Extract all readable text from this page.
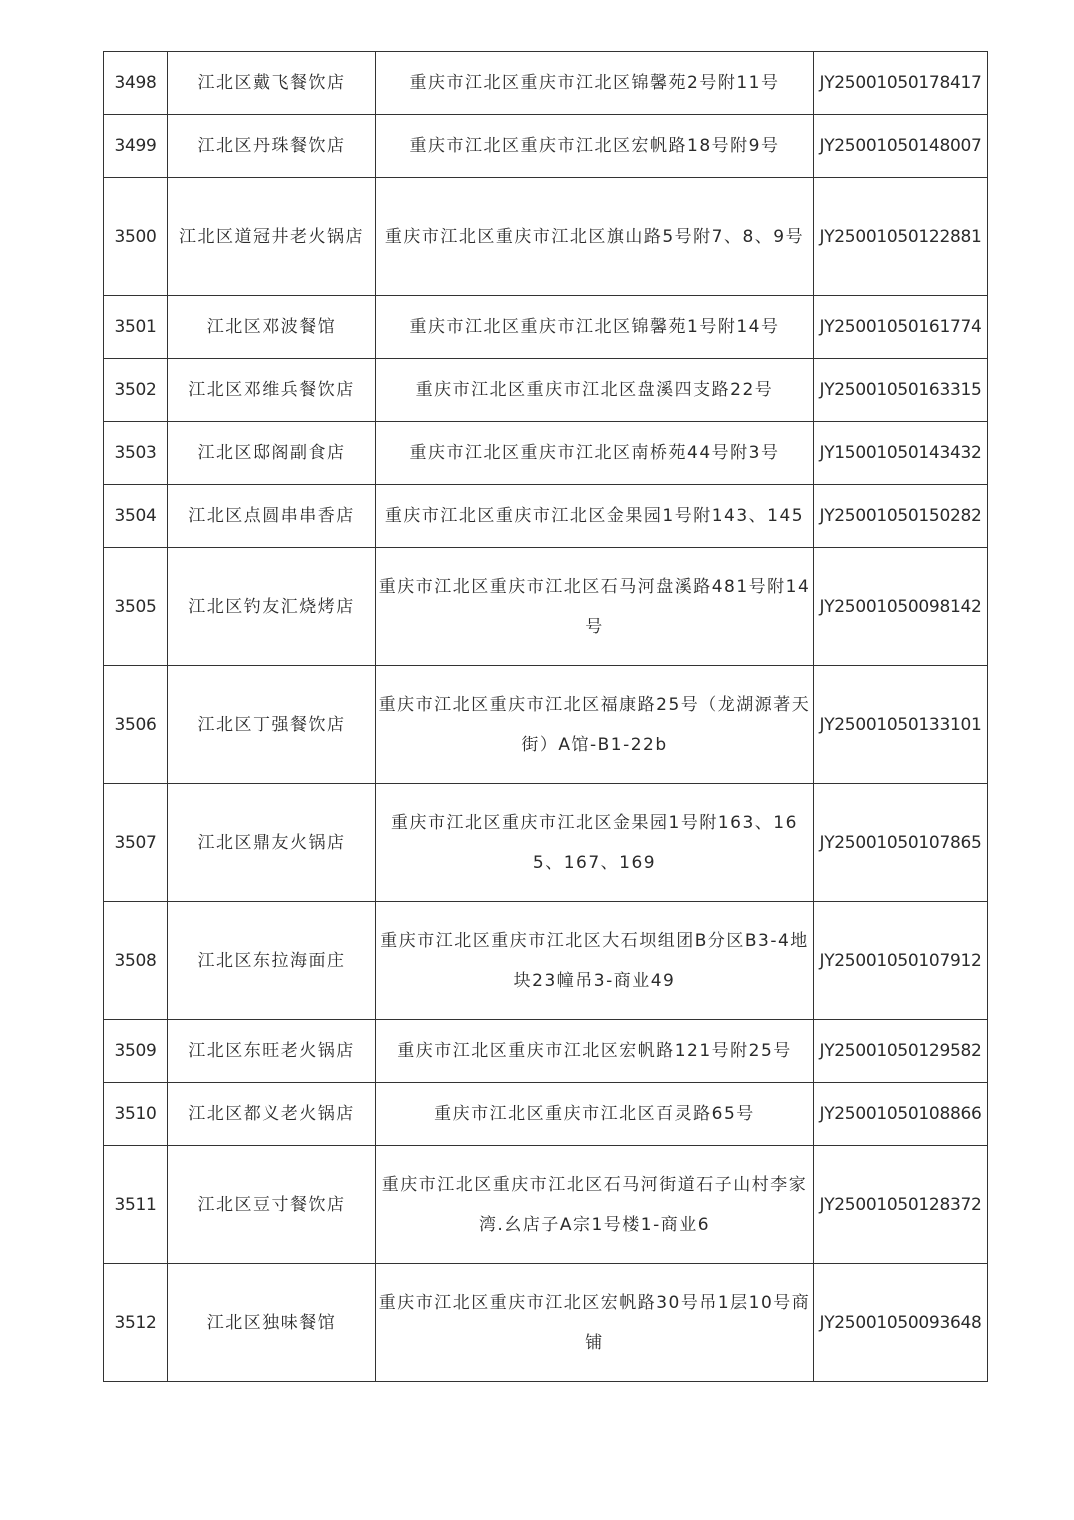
3498	江北区戴飞餐饮店	重庆市江北区重庆市江北区锦馨苑2号附11号	JY25001050178417
3499	江北区丹珠餐饮店	重庆市江北区重庆市江北区宏帆路18号附9号	JY25001050148007
3500	江北区道冠井老火锅店	重庆市江北区重庆市江北区旗山路5号附7、8、9号	JY25001050122881
3501	江北区邓波餐馆	重庆市江北区重庆市江北区锦馨苑1号附14号	JY25001050161774
3502	江北区邓维兵餐饮店	重庆市江北区重庆市江北区盘溪四支路22号	JY25001050163315
3503	江北区邸阁副食店	重庆市江北区重庆市江北区南桥苑44号附3号	JY15001050143432
3504	江北区点圆串串香店	重庆市江北区重庆市江北区金果园1号附143、145	JY25001050150282
3505	江北区钓友汇烧烤店	重庆市江北区重庆市江北区石马河盘溪路481号附14号	JY25001050098142
3506	江北区丁强餐饮店	重庆市江北区重庆市江北区福康路25号（龙湖源著天街）A馆-B1-22b	JY25001050133101
3507	江北区鼎友火锅店	重庆市江北区重庆市江北区金果园1号附163、165、167、169	JY25001050107865
3508	江北区东拉海面庄	重庆市江北区重庆市江北区大石坝组团B分区B3-4地块23幢吊3-商业49	JY25001050107912
3509	江北区东旺老火锅店	重庆市江北区重庆市江北区宏帆路121号附25号	JY25001050129582
3510	江北区都义老火锅店	重庆市江北区重庆市江北区百灵路65号	JY25001050108866
3511	江北区豆寸餐饮店	重庆市江北区重庆市江北区石马河街道石子山村李家湾.幺店子A宗1号楼1-商业6	JY25001050128372
3512	江北区独味餐馆	重庆市江北区重庆市江北区宏帆路30号吊1层10号商铺	JY25001050093648
